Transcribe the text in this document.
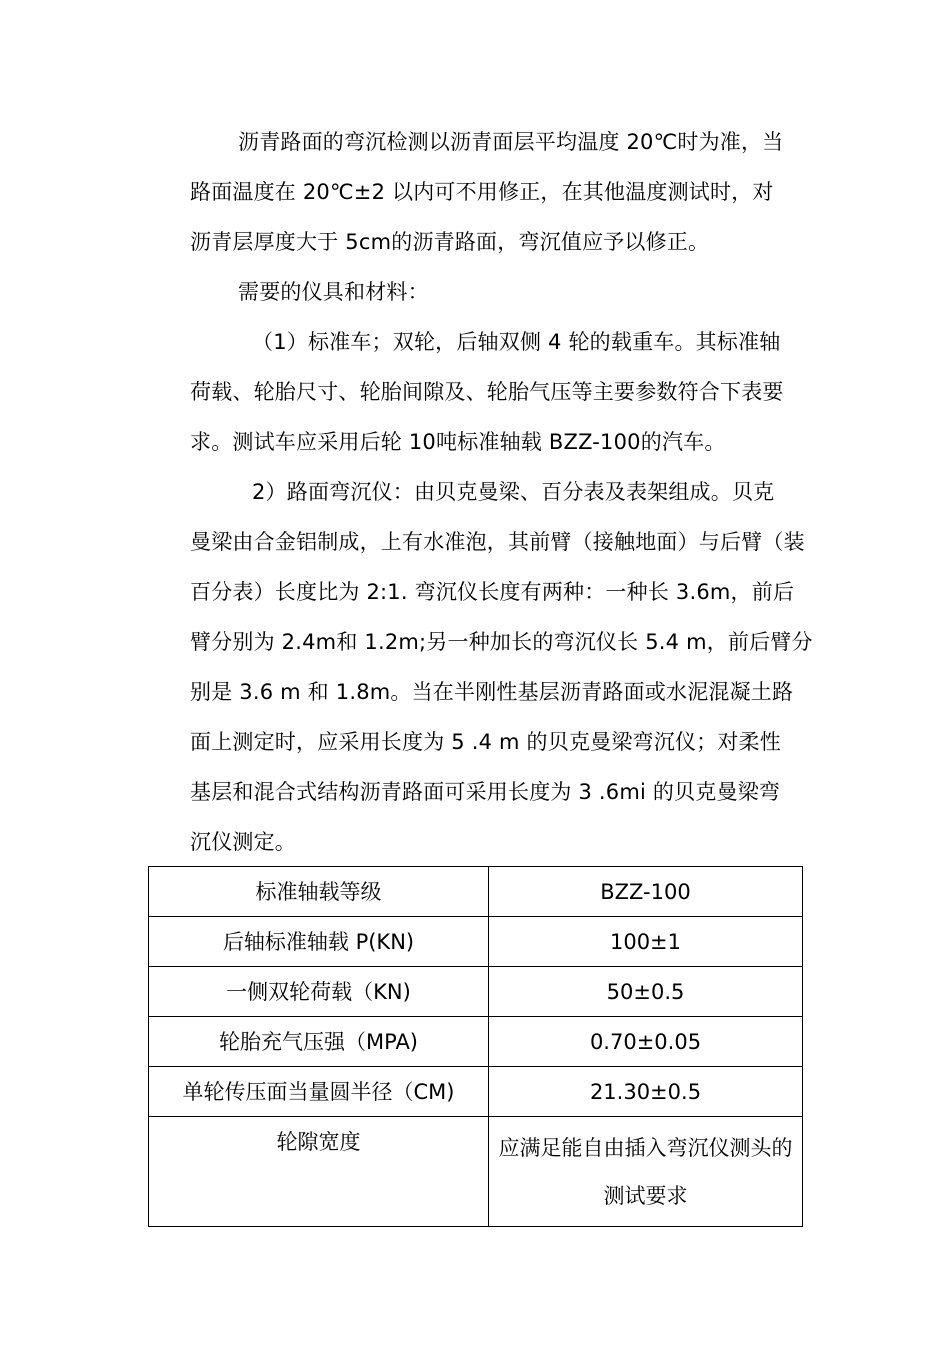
沥青路面的弯沉检测以沥青面层平均温度 20℃时为准，当
路面温度在 20℃±2 以内可不用修正，在其他温度测试时，对
沥青层厚度大于 5cm的沥青路面，弯沉值应予以修正。
需要的仪具和材料：
（1）标准车；双轮，后轴双侧 4 轮的载重车。其标准轴
荷载、轮胎尺寸、轮胎间隙及、轮胎气压等主要参数符合下表要
求。测试车应采用后轮 10吨标准轴载 BZZ-100的汽车。
2）路面弯沉仪：由贝克曼梁、百分表及表架组成。贝克
曼梁由合金铝制成，上有水准泡，其前臂（接触地面）与后臂（装
百分表）长度比为 2:1. 弯沉仪长度有两种：一种长 3.6m，前后
臂分别为 2.4m和 1.2m;另一种加长的弯沉仪长 5.4 m，前后臂分
别是 3.6 m 和 1.8m。当在半刚性基层沥青路面或水泥混凝土路
面上测定时，应采用长度为 5 .4 m 的贝克曼梁弯沉仪；对柔性
基层和混合式结构沥青路面可采用长度为 3 .6mi 的贝克曼梁弯
沉仪测定。
标准轴载等级	BZZ-100
后轴标准轴载 P(KN)	100±1
一侧双轮荷载（KN)	50±0.5
轮胎充气压强（MPA)	0.70±0.05
单轮传压面当量圆半径（CM)	21.30±0.5
轮隙宽度	应满足能自由插入弯沉仪测头的测试要求
